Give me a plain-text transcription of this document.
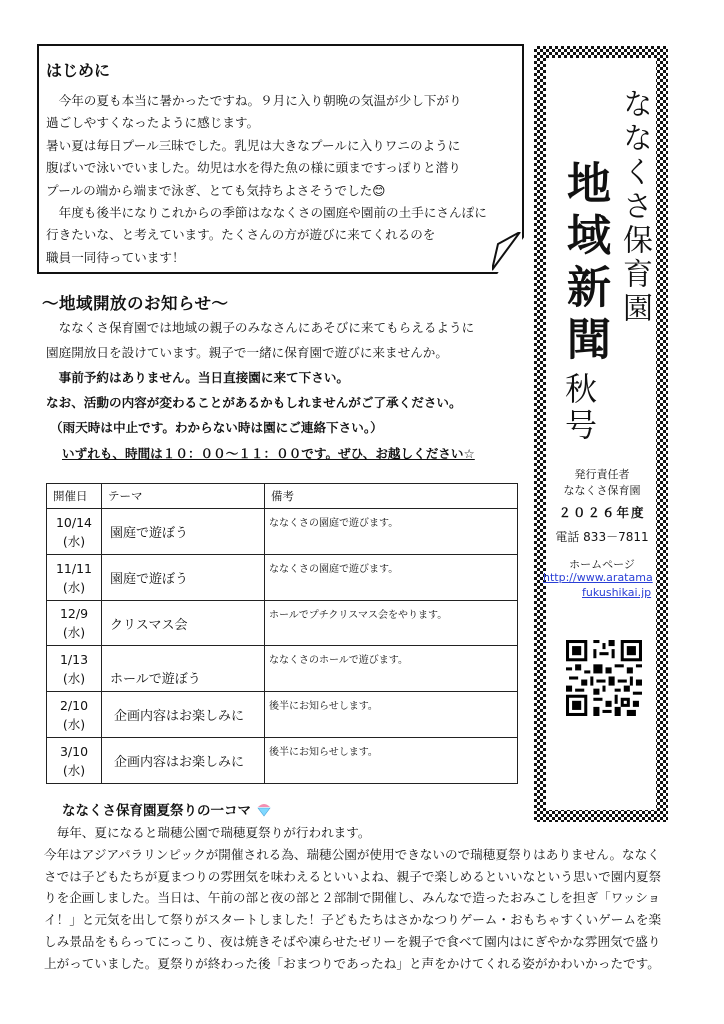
はじめに
　今年の夏も本当に暑かったですね。９月に入り朝晩の気温が少し下がり
過ごしやすくなったように感じます。
暑い夏は毎日プール三昧でした。乳児は大きなプールに入りワニのように
腹ばいで泳いでいました。幼児は水を得た魚の様に頭まですっぽりと潜り
プールの端から端まで泳ぎ、とても気持ちよさそうでした😊
　年度も後半になりこれからの季節はななくさの園庭や園前の土手にさんぽに
行きたいな、と考えています。たくさんの方が遊びに来てくれるのを
職員一同待っています！
～地域開放のお知らせ～
　ななくさ保育園では地域の親子のみなさんにあそびに来てもらえるように
園庭開放日を設けています。親子で一緒に保育園で遊びに来ませんか。
　事前予約はありません。当日直接園に来て下さい。
なお、活動の内容が変わることがあるかもしれませんがご了承ください。
（雨天時は中止です。わからない時は園にご連絡下さい。）
いずれも、時間は１０：００～１１：００です。ぜひ、お越しください☆
開催日	テーマ	備考

10/14
(水)	園庭で遊ぼう	ななくさの園庭で遊びます。

11/11
(水)	園庭で遊ぼう	ななくさの園庭で遊びます。

12/9
(水)	クリスマス会	ホールでプチクリスマス会をやります。

1/13
(水)	ホールで遊ぼう	ななくさのホールで遊びます。

2/10
(水)	企画内容はお楽しみに	後半にお知らせします。

3/10
(水)	企画内容はお楽しみに	後半にお知らせします。
ななくさ保育園夏祭りの一コマ
　毎年、夏になると瑞穂公園で瑞穂夏祭りが行われます。
今年はアジアパラリンピックが開催される為、瑞穂公園が使用できないので瑞穂夏祭りはありません。ななく
さでは子どもたちが夏まつりの雰囲気を味わえるといいよね、親子で楽しめるといいなという思いで園内夏祭
りを企画しました。当日は、午前の部と夜の部と２部制で開催し、みんなで造ったおみこしを担ぎ「ワッショ
イ！」と元気を出して祭りがスタートしました！子どもたちはさかなつりゲーム・おもちゃすくいゲームを楽
しみ景品をもらってにっこり、夜は焼きそばや凍らせたゼリーを親子で食べて園内はにぎやかな雰囲気で盛り
上がっていました。夏祭りが終わった後「おまつりであったね」と声をかけてくれる姿がかわいかったです。
ななくさ保育園
地域新聞
秋号
発行責任者
ななくさ保育園
２０２６年度
電話 833－7811
ホームページ
http://www.aratama
fukushikai.jp
